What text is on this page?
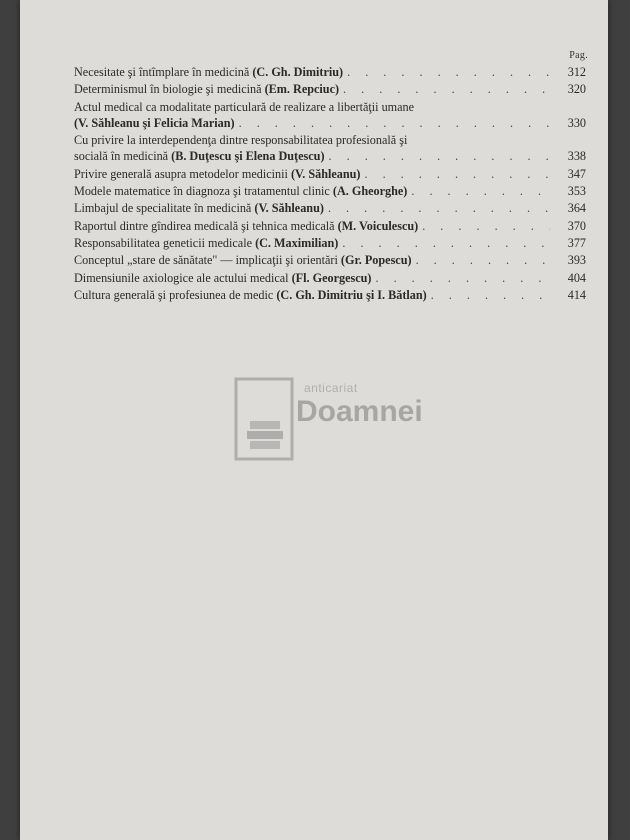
Pag.
Necesitate şi întîmplare în medicină
(C. Gh. Dimitriu) . . .	312
Determinismul în biologie şi medicină
(Em. Repciuc) . . .	320
Actul medical ca modalitate particulară de realizare a libertăţii umane
(V. Săhleanu şi Felicia Marian) . . .	330
Cu privire la interdependenţa dintre responsabilitatea profesională şi
socială în medicină
(B. Duţescu şi Elena Duţescu) . . .	338
Privire generală asupra metodelor medicinii
(V. Săhleanu) . . .	347
Modele matematice în diagnoza şi tratamentul clinic
(A. Gheorghe) . . .	353
Limbajul de specialitate în medicină
(V. Săhleanu) . . .	364
Raportul dintre gîndirea medicală şi tehnica medicală
(M. Voiculescu) . . .	370
Responsabilitatea geneticii medicale
(C. Maximilian) . . .	377
Conceptul „stare de sănătate" — implicaţii şi orientări
(Gr. Popescu) . . .	393
Dimensiunile axiologice ale actului medical
(Fl. Georgescu) . . .	404
Cultura generală şi profesiunea de medic
(C. Gh. Dimitriu şi I. Bătlan) . . .	414
anticariat
Doamnei
